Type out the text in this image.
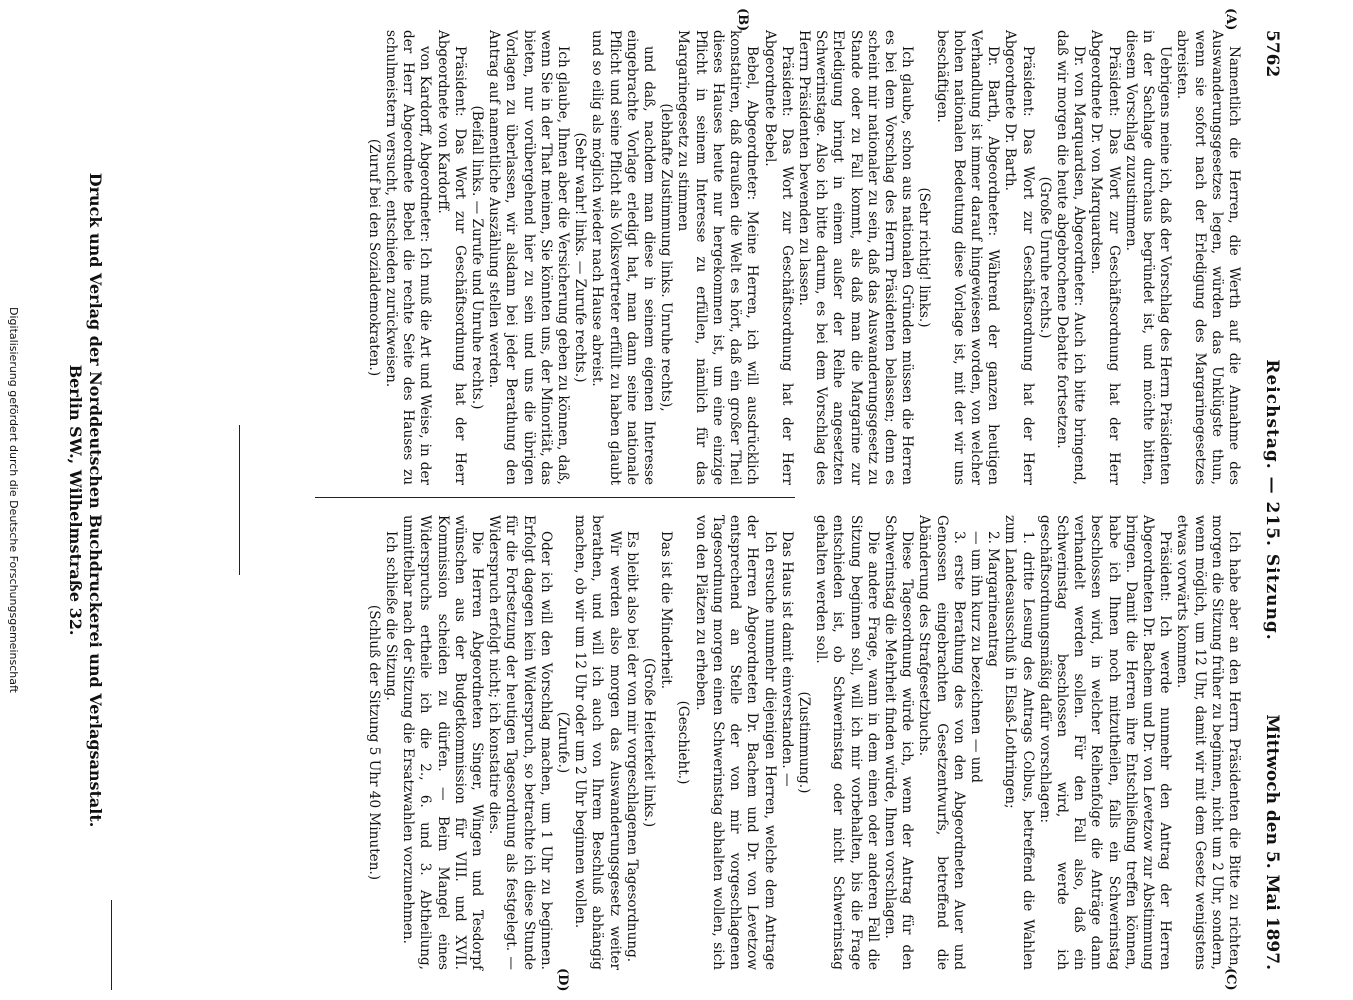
5762
Reichstag. — 215. Sitzung.
Mittwoch den 5. Mai 1897.
(A)
(B)
(C)
(D)

Namentlich die Herren, die Werth auf die Annahme des Auswanderungsgesetzes legen, würden das Unklügste thun, wenn sie sofort nach der Erledigung des Margarinegesetzes abreisten.

Uebrigens meine ich, daß der Vorschlag des Herrn Präsidenten in der Sachlage durchaus begründet ist, und möchte bitten, diesem Vorschlag zuzustimmen.

Präsident: Das Wort zur Geschäftsordnung hat der Herr Abgeordnete Dr. von Marquardsen.

Dr. von Marquardsen, Abgeordneter: Auch ich bitte bringend, daß wir morgen die heute abgebrochene Debatte fortsetzen.

(Große Unruhe rechts.)

Präsident: Das Wort zur Geschäftsordnung hat der Herr Abgeordnete Dr. Barth.

Dr. Barth, Abgeordneter: Während der ganzen heutigen Verhandlung ist immer darauf hingewiesen worden, von welcher hohen nationalen Bedeutung diese Vorlage ist, mit der wir uns beschäftigen.

(Sehr richtig! links.)

Ich glaube, schon aus nationalen Gründen müssen die Herren es bei dem Vorschlag des Herrn Präsidenten belassen; denn es scheint mir nationaler zu sein, daß das Auswanderungsgesetz zu Stande oder zu Fall kommt, als daß man die Margarine zur Erledigung bringt in einem außer der Reihe angesetzten Schwerinstage. Also ich bitte darum, es bei dem Vorschlag des Herrn Präsidenten bewenden zu lassen.

Präsident: Das Wort zur Geschäftsordnung hat der Herr Abgeordnete Bebel.

Bebel, Abgeordneter: Meine Herren, ich will ausdrücklich konstatiren, daß draußen die Welt es hört, daß ein großer Theil dieses Hauses heute nur hergekommen ist, um eine einzige Pflicht in seinem Interesse zu erfüllen, nämlich für das Margarinegesetz zu stimmen

(lebhafte Zustimmung links. Unruhe rechts),

und daß, nachdem man diese in seinem eigenen Interesse eingebrachte Vorlage erledigt hat, man dann seine nationale Pflicht und seine Pflicht als Volksvertreter erfüllt zu haben glaubt und so eilig als möglich wieder nach Hause abreist.

(Sehr wahr! links. — Zurufe rechts.)

Ich glaube, Ihnen aber die Versicherung geben zu können, daß, wenn Sie in der That meinen, Sie könnten uns, der Minorität, das bieten, nur vorübergehend hier zu sein und uns die übrigen Vorlagen zu überlassen, wir alsdann bei jeder Berathung den Antrag auf namentliche Auszählung stellen werden.

(Beifall links. — Zurufe und Unruhe rechts.)

Präsident: Das Wort zur Geschäftsordnung hat der Herr Abgeordnete von Kardorff.

von Kardorff, Abgeordneter: Ich muß die Art und Weise, in der der Herr Abgeordnete Bebel die rechte Seite des Hauses zu schulmeistern versucht, entschieden zurückweisen.

(Zuruf bei den Sozialdemokraten.)

Ich habe aber an den Herrn Präsidenten die Bitte zu richten, morgen die Sitzung früher zu beginnen, nicht um 2 Uhr, sondern, wenn möglich, um 12 Uhr, damit wir mit dem Gesetz wenigstens etwas vorwärts kommen.

Präsident: Ich werde nunmehr den Antrag der Herren Abgeordneten Dr. Bachem und Dr. von Levetzow zur Abstimmung bringen. Damit die Herren ihre Entschließung treffen können, habe ich Ihnen noch mitzutheilen, falls ein Schwerinstag beschlossen wird, in welcher Reihenfolge die Anträge dann verhandelt werden sollen. Für den Fall also, daß ein Schwerinstag beschlossen wird, werde ich geschäftsordnungsmäßig dafür vorschlagen:

1. dritte Lesung des Antrags Colbus, betreffend die Wahlen zum Landesausschuß in Elsaß-Lothringen;

2. Margarineantrag

— um ihn kurz zu bezeichnen — und

3. erste Berathung des von den Abgeordneten Auer und Genossen eingebrachten Gesetzentwurfs, betreffend die Abänderung des Strafgesetzbuchs.

Diese Tagesordnung würde ich, wenn der Antrag für den Schwerinstag die Mehrheit finden würde, Ihnen vorschlagen.

Die andere Frage, wann in dem einen oder anderen Fall die Sitzung beginnen soll, will ich mir vorbehalten, bis die Frage entschieden ist, ob Schwerinstag oder nicht Schwerinstag gehalten werden soll.

(Zustimmung.)

Das Haus ist damit einverstanden. —

Ich ersuche nunmehr diejenigen Herren, welche dem Antrage der Herren Abgeordneten Dr. Bachem und Dr. von Levetzow entsprechend an Stelle der von mir vorgeschlagenen Tagesordnung morgen einen Schwerinstag abhalten wollen, sich von den Plätzen zu erheben.

(Geschieht.)

Das ist die Minderheit.

(Große Heiterkeit links.)

Es bleibt also bei der von mir vorgeschlagenen Tagesordnung.

Wir werden also morgen das Auswanderungsgesetz weiter berathen, und will ich auch von Ihrem Beschluß abhängig machen, ob wir um 12 Uhr oder um 2 Uhr beginnen wollen.

(Zurufe.)

Oder ich will den Vorschlag machen, um 1 Uhr zu beginnen. Erfolgt dagegen kein Widerspruch, so betrachte ich diese Stunde für die Fortsetzung der heutigen Tagesordnung als festgelegt. — Widerspruch erfolgt nicht; ich konstatire dies.

Die Herren Abgeordneten Singer, Wingen und Tesdorpf wünschen aus der Budgetkommission für VIII. und XVII. Kommission scheiden zu dürfen. — Beim Mangel eines Widerspruchs ertheile ich die 2., 6. und 3. Abtheilung, unmittelbar nach der Sitzung die Ersatzwahlen vorzunehmen.

Ich schließe die Sitzung.

(Schluß der Sitzung 5 Uhr 40 Minuten.)

Druck und Verlag der Norddeutschen Buchdruckerei und Verlagsanstalt.
Berlin SW., Wilhelmstraße 32.
Digitalisierung gefördert durch die Deutsche Forschungsgemeinschaft
